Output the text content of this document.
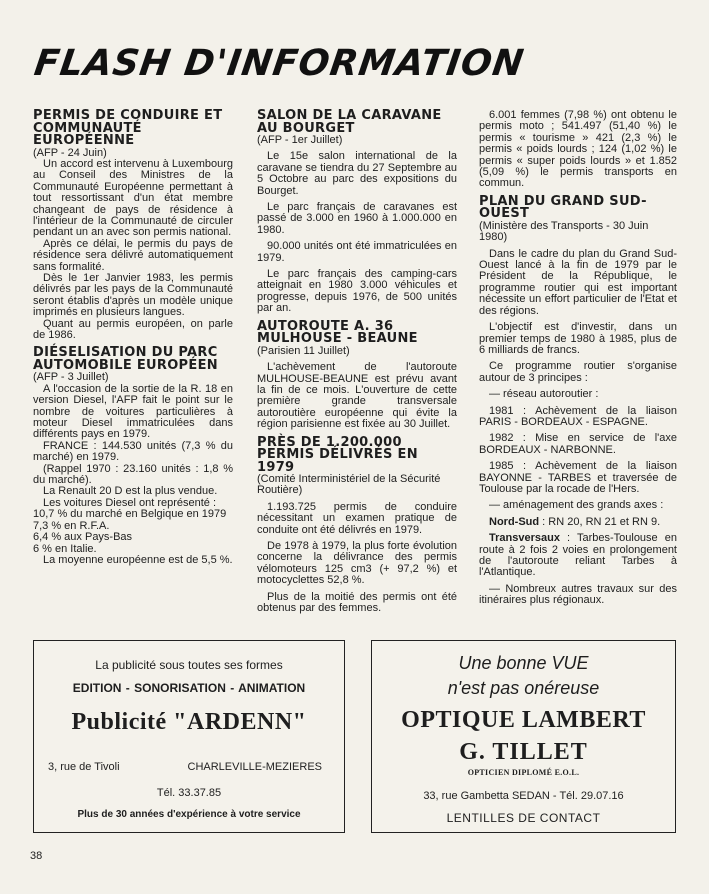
FLASH D'INFORMATION
PERMIS DE CONDUIRE ET COMMUNAUTÉ EUROPÉENNE

(AFP - 24 Juin)

Un accord est intervenu à Luxembourg au Conseil des Ministres de la Communauté Européenne permettant à tout ressortissant d'un état membre changeant de pays de résidence à l'intérieur de la Communauté de circuler pendant un an avec son permis national.

Après ce délai, le permis du pays de résidence sera délivré automatiquement sans formalité.

Dès le 1er Janvier 1983, les permis délivrés par les pays de la Communauté seront établis d'après un modèle unique imprimés en plusieurs langues.

Quant au permis européen, on parle de 1986.

DIÉSELISATION DU PARC AUTOMOBILE EUROPÉEN

(AFP - 3 Juillet)

A l'occasion de la sortie de la R. 18 en version Diesel, l'AFP fait le point sur le nombre de voitures particulières à moteur Diesel immatriculées dans différents pays en 1979.

FRANCE : 144.530 unités (7,3 % du marché) en 1979.

(Rappel 1970 : 23.160 unités : 1,8 % du marché).

La Renault 20 D est la plus vendue.

Les voitures Diesel ont représenté :

10,7 % du marché en Belgique en 1979

7,3 % en R.F.A.

6,4 % aux Pays-Bas

6 % en Italie.

La moyenne européenne est de 5,5 %.

SALON DE LA CARAVANE AU BOURGET

(AFP - 1er Juillet)

Le 15e salon international de la caravane se tiendra du 27 Septembre au 5 Octobre au parc des expositions du Bourget.

Le parc français de caravanes est passé de 3.000 en 1960 à 1.000.000 en 1980.

90.000 unités ont été immatriculées en 1979.

Le parc français des camping-cars atteignait en 1980 3.000 véhicules et progresse, depuis 1976, de 500 unités par an.

AUTOROUTE A. 36 MULHOUSE - BEAUNE

(Parisien 11 Juillet)

L'achèvement de l'autoroute MULHOUSE-BEAUNE est prévu avant la fin de ce mois. L'ouverture de cette première grande transversale autoroutière européenne qui évite la région parisienne est fixée au 30 Juillet.

PRÈS DE 1.200.000 PERMIS DÉLIVRÉS EN 1979

(Comité Interministériel de la Sécurité Routière)

1.193.725 permis de conduire nécessitant un examen pratique de conduite ont été délivrés en 1979.

De 1978 à 1979, la plus forte évolution concerne la délivrance des permis vélomoteurs 125 cm3 (+ 97,2 %) et motocyclettes 52,8 %.

Plus de la moitié des permis ont été obtenus par des femmes.

6.001 femmes (7,98 %) ont obtenu le permis moto ; 541.497 (51,40 %) le permis « tourisme » 421 (2,3 %) le permis « poids lourds ; 124 (1,02 %) le permis « super poids lourds » et 1.852 (5,09 %) le permis transports en commun.

PLAN DU GRAND SUD-OUEST

(Ministère des Transports - 30 Juin 1980)

Dans le cadre du plan du Grand Sud-Ouest lancé à la fin de 1979 par le Président de la République, le programme routier qui est important nécessite un effort particulier de l'Etat et des régions.

L'objectif est d'investir, dans un premier temps de 1980 à 1985, plus de 6 milliards de francs.

Ce programme routier s'organise autour de 3 principes :

— réseau autoroutier :

1981 : Achèvement de la liaison PARIS - BORDEAUX - ESPAGNE.

1982 : Mise en service de l'axe BORDEAUX - NARBONNE.

1985 : Achèvement de la liaison BAYONNE - TARBES et traversée de Toulouse par la rocade de l'Hers.

— aménagement des grands axes :

Nord-Sud : RN 20, RN 21 et RN 9.

Transversaux : Tarbes-Toulouse en route à 2 fois 2 voies en prolongement de l'autoroute reliant Tarbes à l'Atlantique.

— Nombreux autres travaux sur des itinéraires plus régionaux.

La publicité sous toutes ses formes
EDITION - SONORISATION - ANIMATION
Publicité "ARDENN"
3, rue de Tivoli	CHARLEVILLE-MEZIERES
Tél. 33.37.85
Plus de 30 années d'expérience à votre service
Une bonne VUE
n'est pas onéreuse
OPTIQUE LAMBERT
G. TILLET
OPTICIEN DIPLOMÉ E.O.L.
33, rue Gambetta SEDAN - Tél. 29.07.16
LENTILLES DE CONTACT
38
